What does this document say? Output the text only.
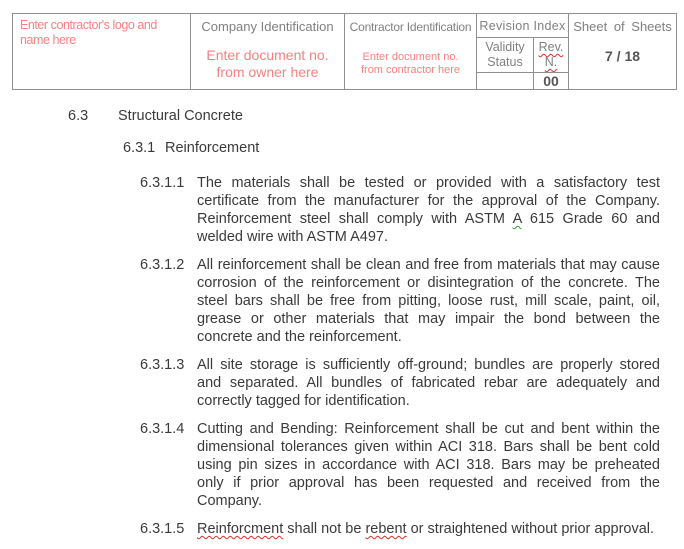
Enter contractor's logo and name here
Company Identification
Enter document no. from owner here
Contractor Identification
Enter document no. from contractor here
Revision Index
Validity Status
Rev.
N.
00
Sheet of Sheets
7 / 18
6.3	Structural Concrete
6.3.1 Reinforcement
6.3.1.1 The materials shall be tested or provided with a satisfactory test certificate from the manufacturer for the approval of the Company. Reinforcement steel shall comply with ASTM A 615 Grade 60 and welded wire with ASTM A497.
6.3.1.2 All reinforcement shall be clean and free from materials that may cause corrosion of the reinforcement or disintegration of the concrete. The steel bars shall be free from pitting, loose rust, mill scale, paint, oil, grease or other materials that may impair the bond between the concrete and the reinforcement.
6.3.1.3 All site storage is sufficiently off-ground; bundles are properly stored and separated. All bundles of fabricated rebar are adequately and correctly tagged for identification.
6.3.1.4 Cutting and Bending: Reinforcement shall be cut and bent within the dimensional tolerances given within ACI 318. Bars shall be bent cold using pin sizes in accordance with ACI 318. Bars may be preheated only if prior approval has been requested and received from the Company.
6.3.1.5 Reinforcment shall not be rebent or straightened without prior approval.
